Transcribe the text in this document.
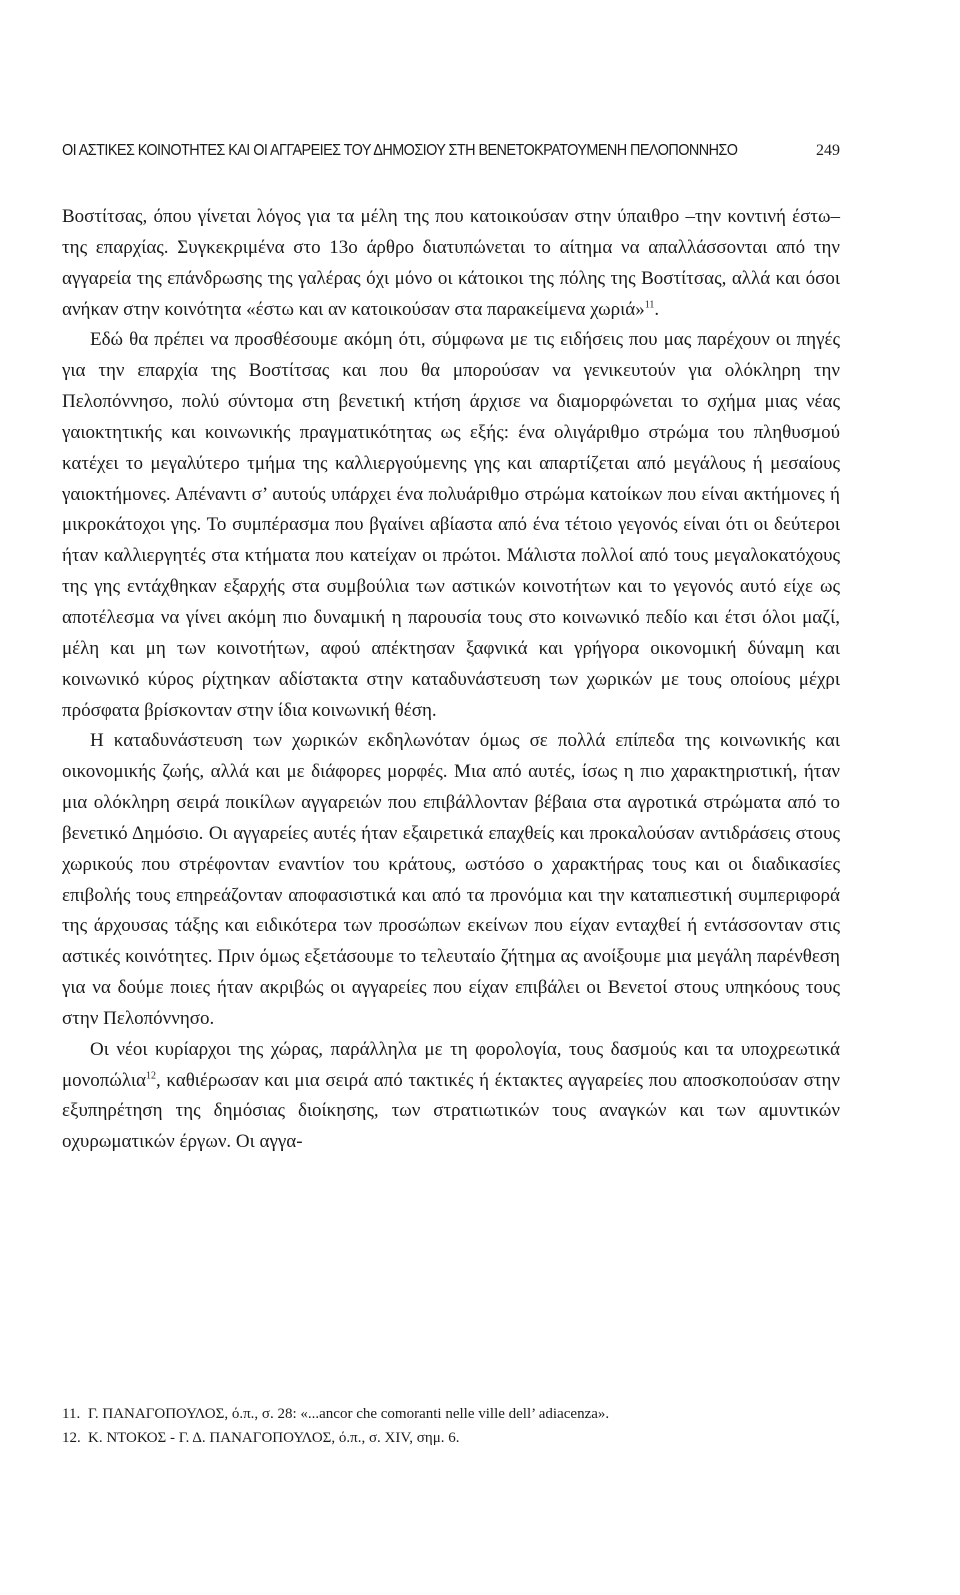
ΟΙ ΑΣΤΙΚΕΣ ΚΟΙΝΟΤΗΤΕΣ ΚΑΙ ΟΙ ΑΓΓΑΡΕΙΕΣ ΤΟΥ ΔΗΜΟΣΙΟΥ ΣΤΗ ΒΕΝΕΤΟΚΡΑΤΟΥΜΕΝΗ ΠΕΛΟΠΟΝΝΗΣΟ	249

Βοστίτσας, όπου γίνεται λόγος για τα μέλη της που κατοικούσαν στην ύπαιθρο –την κοντινή έστω– της επαρχίας. Συγκεκριμένα στο 13ο άρθρο διατυπώνεται το αίτημα να απαλλάσσονται από την αγγαρεία της επάνδρωσης της γαλέρας όχι μόνο οι κάτοικοι της πόλης της Βοστίτσας, αλλά και όσοι ανήκαν στην κοινότητα «έστω και αν κατοικούσαν στα παρακείμενα χωριά»$^{11}$.

Εδώ θα πρέπει να προσθέσουμε ακόμη ότι, σύμφωνα με τις ειδήσεις που μας παρέχουν οι πηγές για την επαρχία της Βοστίτσας και που θα μπορούσαν να γενικευτούν για ολόκληρη την Πελοπόννησο, πολύ σύντομα στη βενετική κτήση άρχισε να διαμορφώνεται το σχήμα μιας νέας γαιοκτητικής και κοινωνικής πραγματικότητας ως εξής: ένα ολιγάριθμο στρώμα του πληθυσμού κατέχει το μεγαλύτερο τμήμα της καλλιεργούμενης γης και απαρτίζεται από μεγάλους ή μεσαίους γαιοκτήμονες. Απέναντι σ’ αυτούς υπάρχει ένα πολυάριθμο στρώμα κατοίκων που είναι ακτήμονες ή μικροκάτοχοι γης. Το συμπέρασμα που βγαίνει αβίαστα από ένα τέτοιο γεγονός είναι ότι οι δεύτεροι ήταν καλλιεργητές στα κτήματα που κατείχαν οι πρώτοι. Μάλιστα πολλοί από τους μεγαλοκατόχους της γης εντάχθηκαν εξαρχής στα συμβούλια των αστικών κοινοτήτων και το γεγονός αυτό είχε ως αποτέλεσμα να γίνει ακόμη πιο δυναμική η παρουσία τους στο κοινωνικό πεδίο και έτσι όλοι μαζί, μέλη και μη των κοινοτήτων, αφού απέκτησαν ξαφνικά και γρήγορα οικονομική δύναμη και κοινωνικό κύρος ρίχτηκαν αδίστακτα στην καταδυνάστευση των χωρικών με τους οποίους μέχρι πρόσφατα βρίσκονταν στην ίδια κοινωνική θέση.

Η καταδυνάστευση των χωρικών εκδηλωνόταν όμως σε πολλά επίπεδα της κοινωνικής και οικονομικής ζωής, αλλά και με διάφορες μορφές. Μια από αυτές, ίσως η πιο χαρακτηριστική, ήταν μια ολόκληρη σειρά ποικίλων αγγαρειών που επιβάλλονταν βέβαια στα αγροτικά στρώματα από το βενετικό Δημόσιο. Οι αγγαρείες αυτές ήταν εξαιρετικά επαχθείς και προκαλούσαν αντιδράσεις στους χωρικούς που στρέφονταν εναντίον του κράτους, ωστόσο ο χαρακτήρας τους και οι διαδικασίες επιβολής τους επηρεάζονταν αποφασιστικά και από τα προνόμια και την καταπιεστική συμπεριφορά της άρχουσας τάξης και ειδικότερα των προσώπων εκείνων που είχαν ενταχθεί ή εντάσσονταν στις αστικές κοινότητες. Πριν όμως εξετάσουμε το τελευταίο ζήτημα ας ανοίξουμε μια μεγάλη παρένθεση για να δούμε ποιες ήταν ακριβώς οι αγγαρείες που είχαν επιβάλει οι Βενετοί στους υπηκόους τους στην Πελοπόννησο.

Οι νέοι κυρίαρχοι της χώρας, παράλληλα με τη φορολογία, τους δασμούς και τα υποχρεωτικά μονοπώλια$^{12}$, καθιέρωσαν και μια σειρά από τακτικές ή έκτακτες αγγαρείες που αποσκοπούσαν στην εξυπηρέτηση της δημόσιας διοίκησης, των στρατιωτικών τους αναγκών και των αμυντικών οχυρωματικών έργων. Οι αγγα-

11. Γ. ΠΑΝΑΓΟΠΟΥΛΟΣ, ό.π., σ. 28: «...ancor che comoranti nelle ville dell’ adiacenza».
12. Κ. ΝΤΟΚΟΣ - Γ. Δ. ΠΑΝΑΓΟΠΟΥΛΟΣ, ό.π., σ. XIV, σημ. 6.
